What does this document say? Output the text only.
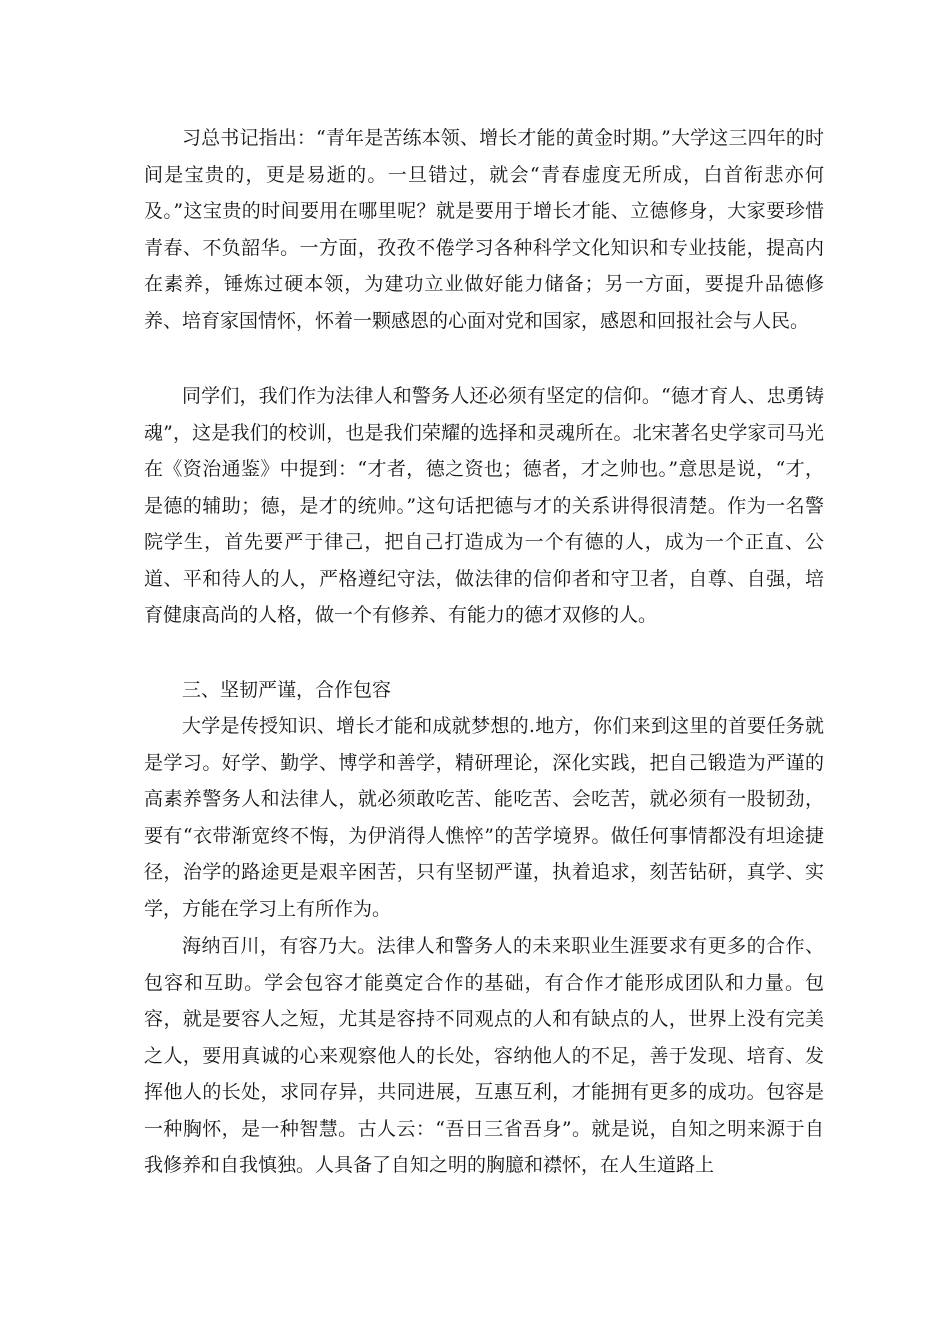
习总书记指出：“青年是苦练本领、增长才能的黄金时期。”大学这三四年的时间是宝贵的，更是易逝的。一旦错过，就会“青春虚度无所成，白首衔悲亦何及。”这宝贵的时间要用在哪里呢？就是要用于增长才能、立德修身，大家要珍惜青春、不负韶华。一方面，孜孜不倦学习各种科学文化知识和专业技能，提高内在素养，锤炼过硬本领，为建功立业做好能力储备；另一方面，要提升品德修养、培育家国情怀，怀着一颗感恩的心面对党和国家，感恩和回报社会与人民。

同学们，我们作为法律人和警务人还必须有坚定的信仰。“德才育人、忠勇铸魂”，这是我们的校训，也是我们荣耀的选择和灵魂所在。北宋著名史学家司马光在《资治通鉴》中提到：“才者，德之资也；德者，才之帅也。”意思是说，“才，是德的辅助；德，是才的统帅。”这句话把德与才的关系讲得很清楚。作为一名警院学生，首先要严于律己，把自己打造成为一个有德的人，成为一个正直、公道、平和待人的人，严格遵纪守法，做法律的信仰者和守卫者，自尊、自强，培育健康高尚的人格，做一个有修养、有能力的德才双修的人。

三、坚韧严谨，合作包容

大学是传授知识、增长才能和成就梦想的.地方，你们来到这里的首要任务就是学习。好学、勤学、博学和善学，精研理论，深化实践，把自己锻造为严谨的高素养警务人和法律人，就必须敢吃苦、能吃苦、会吃苦，就必须有一股韧劲，要有“衣带渐宽终不悔，为伊消得人憔悴”的苦学境界。做任何事情都没有坦途捷径，治学的路途更是艰辛困苦，只有坚韧严谨，执着追求，刻苦钻研，真学、实学，方能在学习上有所作为。

海纳百川，有容乃大。法律人和警务人的未来职业生涯要求有更多的合作、包容和互助。学会包容才能奠定合作的基础，有合作才能形成团队和力量。包容，就是要容人之短，尤其是容持不同观点的人和有缺点的人，世界上没有完美之人，要用真诚的心来观察他人的长处，容纳他人的不足，善于发现、培育、发挥他人的长处，求同存异，共同进展，互惠互利，才能拥有更多的成功。包容是一种胸怀，是一种智慧。古人云：“吾日三省吾身”。就是说，自知之明来源于自我修养和自我慎独。人具备了自知之明的胸臆和襟怀，在人生道路上
